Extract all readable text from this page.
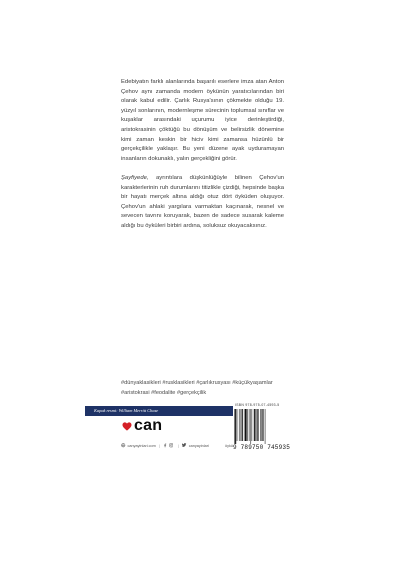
Edebiyatın farklı alanlarında başarılı eserlere imza atan Anton Çehov aynı zamanda modern öykünün yaratıcılarından biri olarak kabul edilir. Çarlık Rusya'sının çökmekte olduğu 19. yüzyıl sonlarının, modernleşme sürecinin toplumsal sınıflar ve kuşaklar arasındaki uçurumu iyice derinleştirdiği, aristokrasinin çöktüğü bu dönüşüm ve belirsizlik dönemine kimi zaman keskin bir hiciv kimi zamansa hüzünlü bir gerçekçilikle yaklaşır. Bu yeni düzene ayak uyduramayan insanların dokunaklı, yalın gerçekliğini görür.

Şayfiyede, ayrıntılara düşkünlüğüyle bilinen Çehov'un karakterlerinin ruh durumlarını titizlikle çizdiği, hepsinde başka bir hayatı merçek altına aldığı otuz dört öyküden oluşuyor. Çehov'un ahlaki yargılara varmaktan kaçınarak, nesnel ve sevecen tavrını koruyarak, bazen de sadece susarak kaleme aldığı bu öyküleri birbiri ardına, soluksuz okuyacaksınız.

#dünyaklasikleri #rusklasikleri #çarlıkrusyası #küçükyaşamlar
#aristokrasi #feodalite #gerçekçilik
Kapak resmi: William Merritt Chase
ISBN 978-975-07-4593-5
9 789750 745935
can
canyayinlari.com |	|	canyayinlari	öykü
